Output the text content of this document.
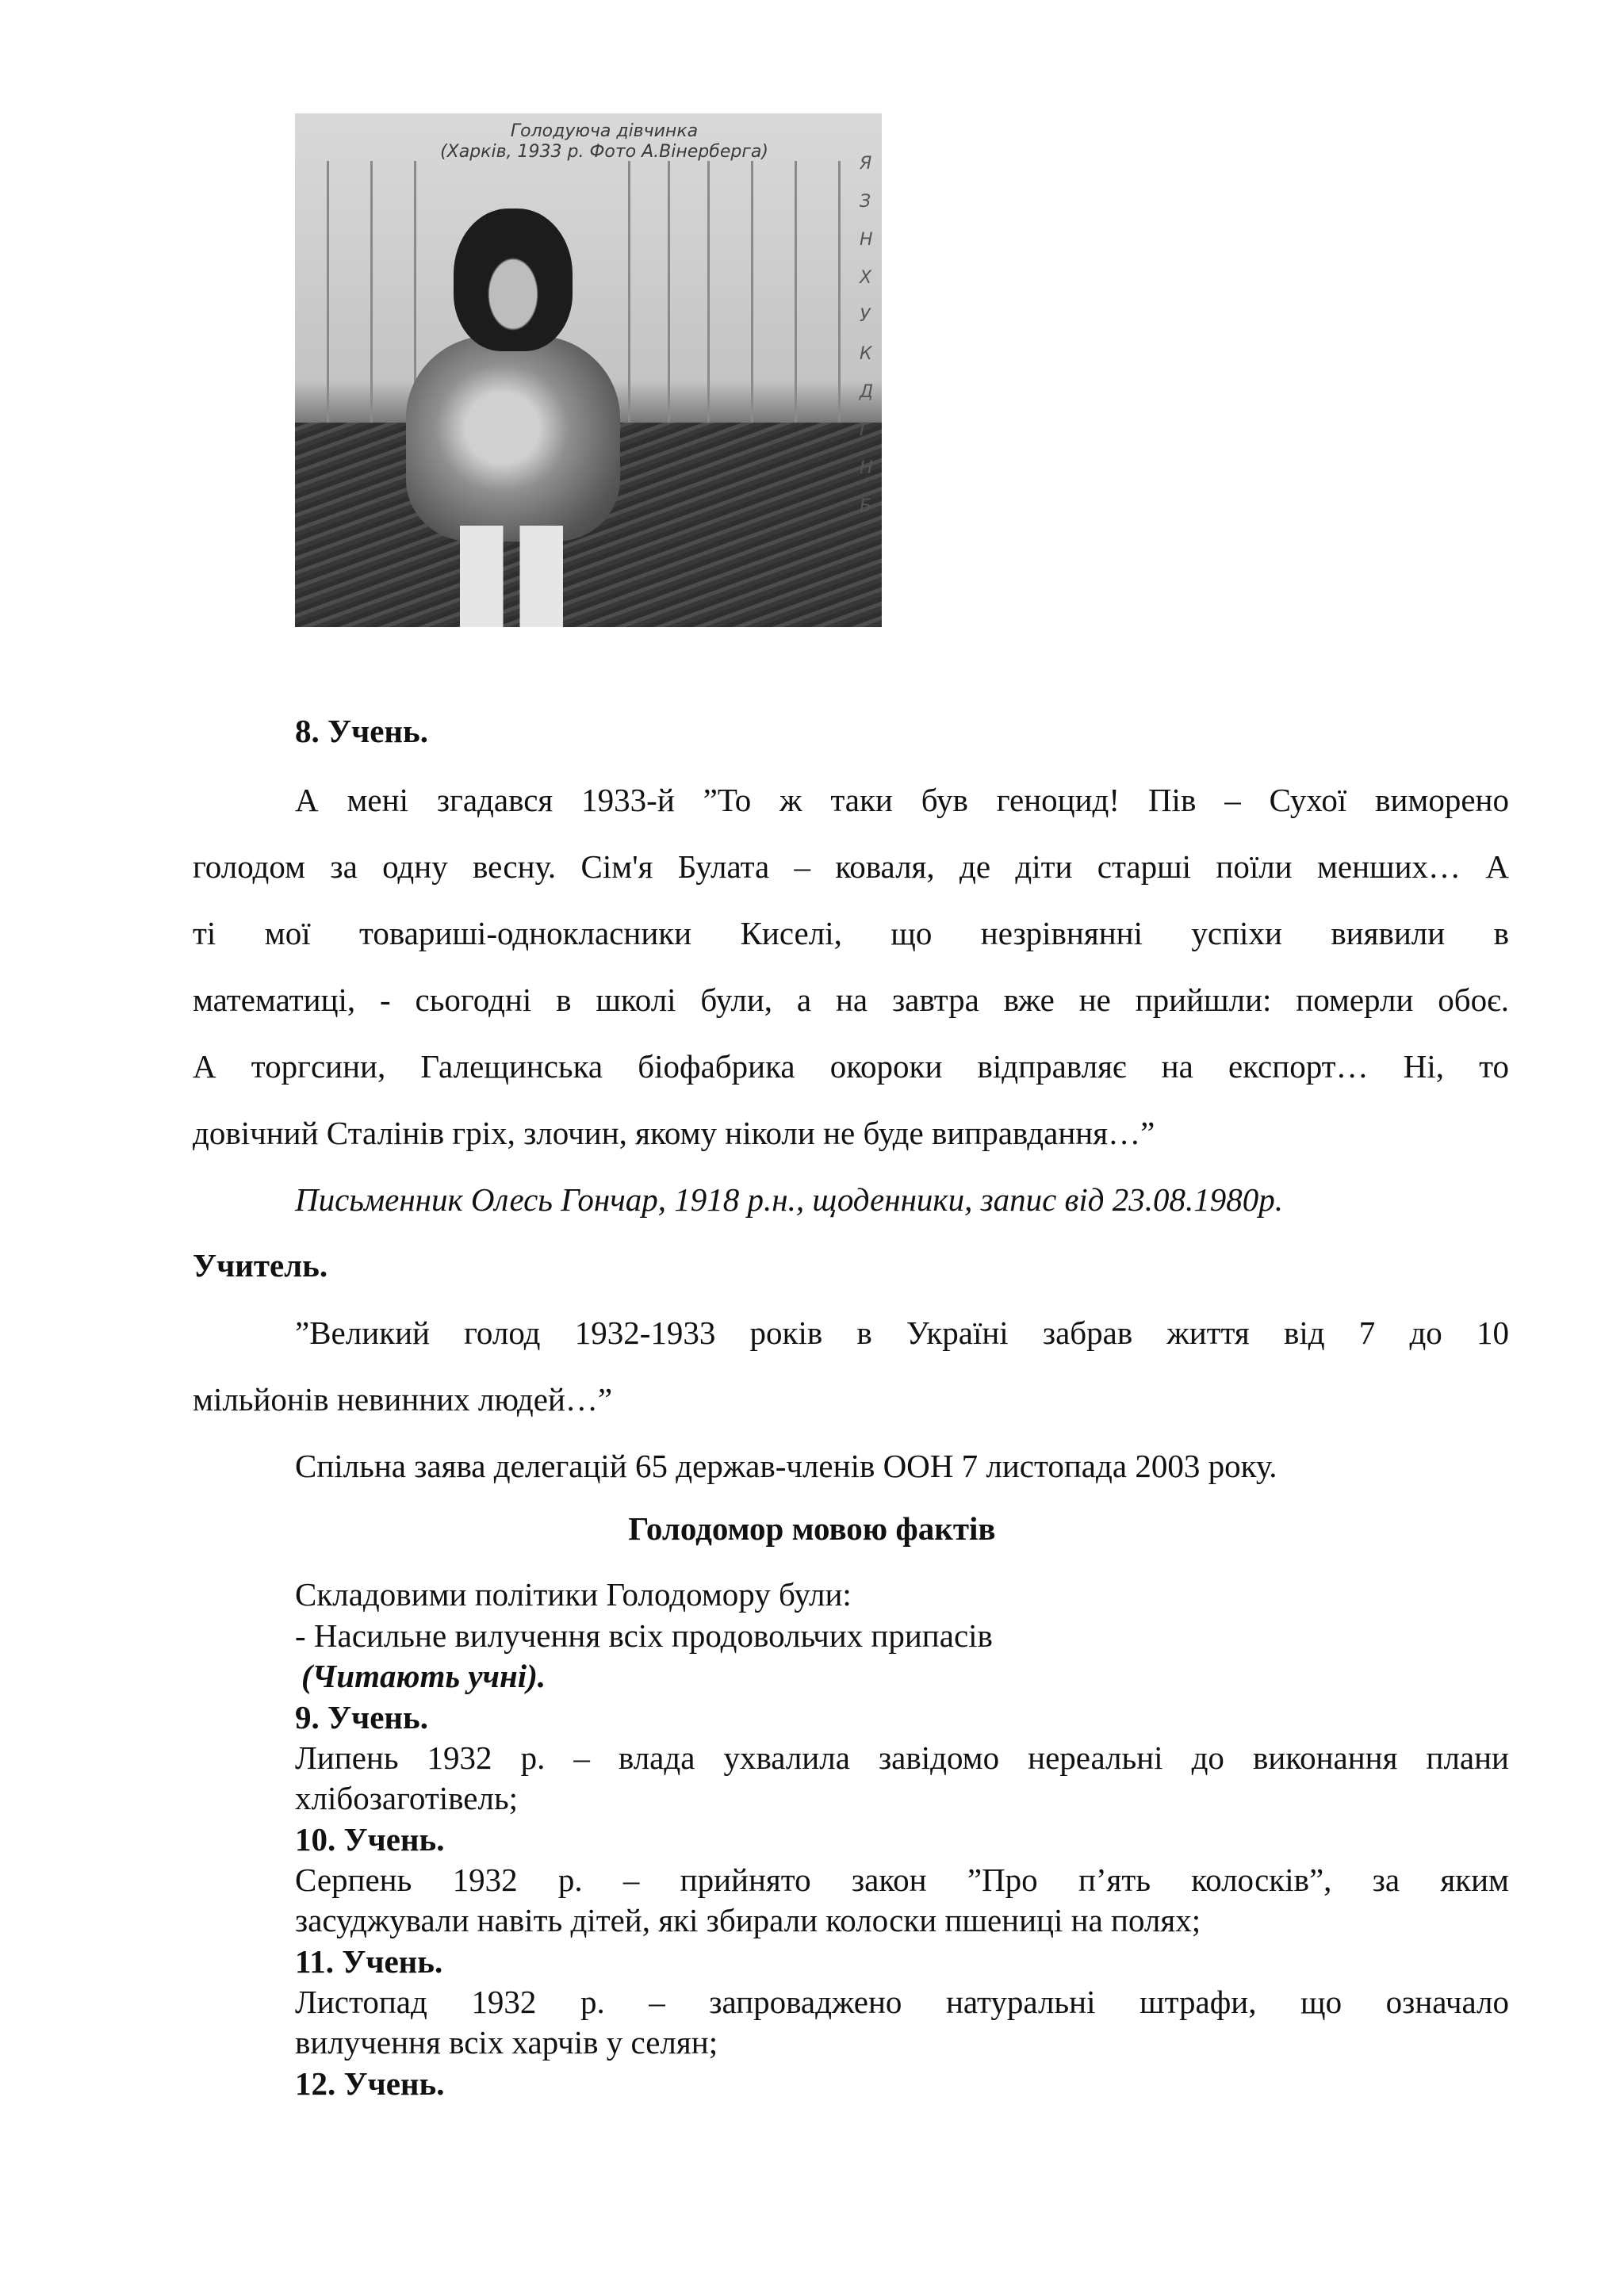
Голодуюча дівчинка
(Харків, 1933 р. Фото А.Вінерберга)
Я З Н Х У К Д Г Н Б
8. Учень.
А мені згадався 1933-й ”То ж таки був геноцид! Пів – Сухої виморено
голодом за одну весну. Сім'я Булата – коваля, де діти старші поїли менших… А
ті мої товариші-однокласники Киселі, що незрівнянні успіхи виявили в
математиці, - сьогодні в школі були, а на завтра вже не прийшли: померли обоє.
А торгсини, Галещинська біофабрика окороки відправляє на експорт… Ні, то
довічний Сталінів гріх, злочин, якому ніколи не буде виправдання…”
Письменник Олесь Гончар, 1918 р.н., щоденники, запис від 23.08.1980р.
Учитель.
”Великий голод 1932-1933 років в Україні забрав життя від 7 до 10
мільйонів невинних людей…”
Спільна заява делегацій 65 держав-членів ООН 7 листопада 2003 року.
Голодомор мовою фактів
Складовими політики Голодомору були:
- Насильне вилучення всіх продовольчих припасів
(Читають учні).
9. Учень.
Липень 1932 р. – влада ухвалила завідомо нереальні до виконання плани
хлібозаготівель;
10. Учень.
Серпень 1932 р. – прийнято закон ”Про п’ять колосків”, за яким
засуджували навіть дітей, які збирали колоски пшениці на полях;
11. Учень.
Листопад 1932 р. – запроваджено натуральні штрафи, що означало
вилучення всіх харчів у селян;
12. Учень.
